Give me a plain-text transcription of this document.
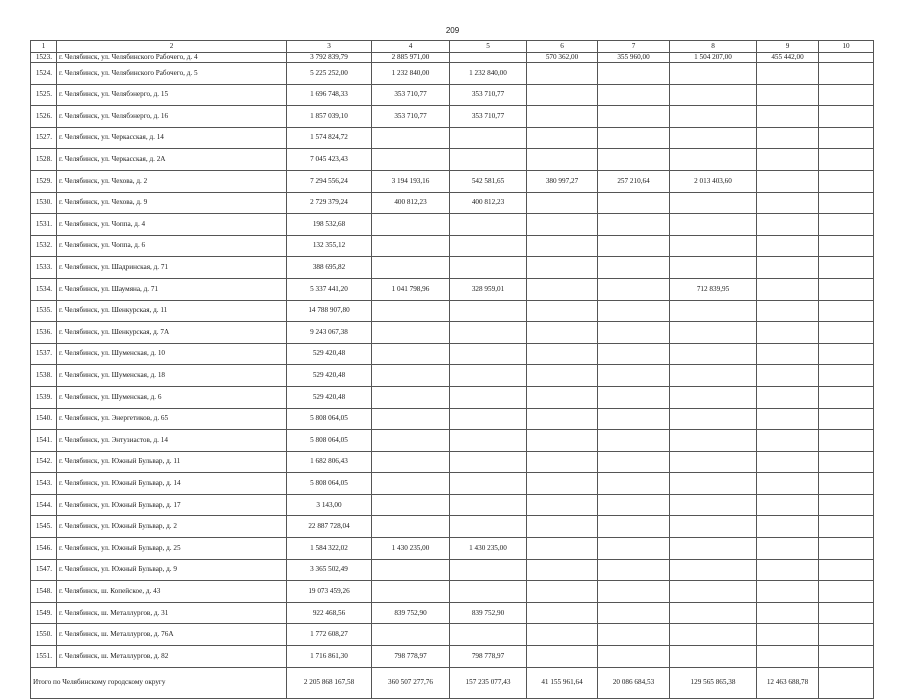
209
1	2	3	4	5	6	7	8	9	10
1523.	г. Челябинск, ул. Челябинского Рабочего, д. 4	3 792 839,79	2 885 971,00		570 362,00	355 960,00	1 504 207,00	455 442,00	
1524.	г. Челябинск, ул. Челябинского Рабочего, д. 5	5 225 252,00	1 232 840,00	1 232 840,00					
1525.	г. Челябинск, ул. Челябэнерго, д. 15	1 696 748,33	353 710,77	353 710,77					
1526.	г. Челябинск, ул. Челябэнерго, д. 16	1 857 039,10	353 710,77	353 710,77					
1527.	г. Челябинск, ул. Черкасская, д. 14	1 574 824,72							
1528.	г. Челябинск, ул. Черкасская, д. 2А	7 045 423,43							
1529.	г. Челябинск, ул. Чехова, д. 2	7 294 556,24	3 194 193,16	542 581,65	380 997,27	257 210,64	2 013 403,60		
1530.	г. Челябинск, ул. Чехова, д. 9	2 729 379,24	400 812,23	400 812,23					
1531.	г. Челябинск, ул. Чоппа, д. 4	198 532,68							
1532.	г. Челябинск, ул. Чоппа, д. 6	132 355,12							
1533.	г. Челябинск, ул. Шадринская, д. 71	388 695,82							
1534.	г. Челябинск, ул. Шаумяна, д. 71	5 337 441,20	1 041 798,96	328 959,01			712 839,95		
1535.	г. Челябинск, ул. Шенкурская, д. 11	14 788 907,80							
1536.	г. Челябинск, ул. Шенкурская, д. 7А	9 243 067,38							
1537.	г. Челябинск, ул. Шуменская, д. 10	529 420,48							
1538.	г. Челябинск, ул. Шуменская, д. 18	529 420,48							
1539.	г. Челябинск, ул. Шуменская, д. 6	529 420,48							
1540.	г. Челябинск, ул. Энергетиков, д. 65	5 808 064,05							
1541.	г. Челябинск, ул. Энтузиастов, д. 14	5 808 064,05							
1542.	г. Челябинск, ул. Южный Бульвар, д. 11	1 682 806,43							
1543.	г. Челябинск, ул. Южный Бульвар, д. 14	5 808 064,05							
1544.	г. Челябинск, ул. Южный Бульвар, д. 17	3 143,00							
1545.	г. Челябинск, ул. Южный Бульвар, д. 2	22 887 728,04							
1546.	г. Челябинск, ул. Южный Бульвар, д. 25	1 584 322,02	1 430 235,00	1 430 235,00					
1547.	г. Челябинск, ул. Южный Бульвар, д. 9	3 365 502,49							
1548.	г. Челябинск, ш. Копейское, д. 43	19 073 459,26							
1549.	г. Челябинск, ш. Металлургов, д. 31	922 468,56	839 752,90	839 752,90					
1550.	г. Челябинск, ш. Металлургов, д. 76А	1 772 608,27							
1551.	г. Челябинск, ш. Металлургов, д. 82	1 716 861,30	798 778,97	798 778,97					
Итого по Челябинскому городскому округу		2 205 868 167,58	360 507 277,76	157 235 077,43	41 155 961,64	20 086 684,53	129 565 865,38	12 463 688,78	
